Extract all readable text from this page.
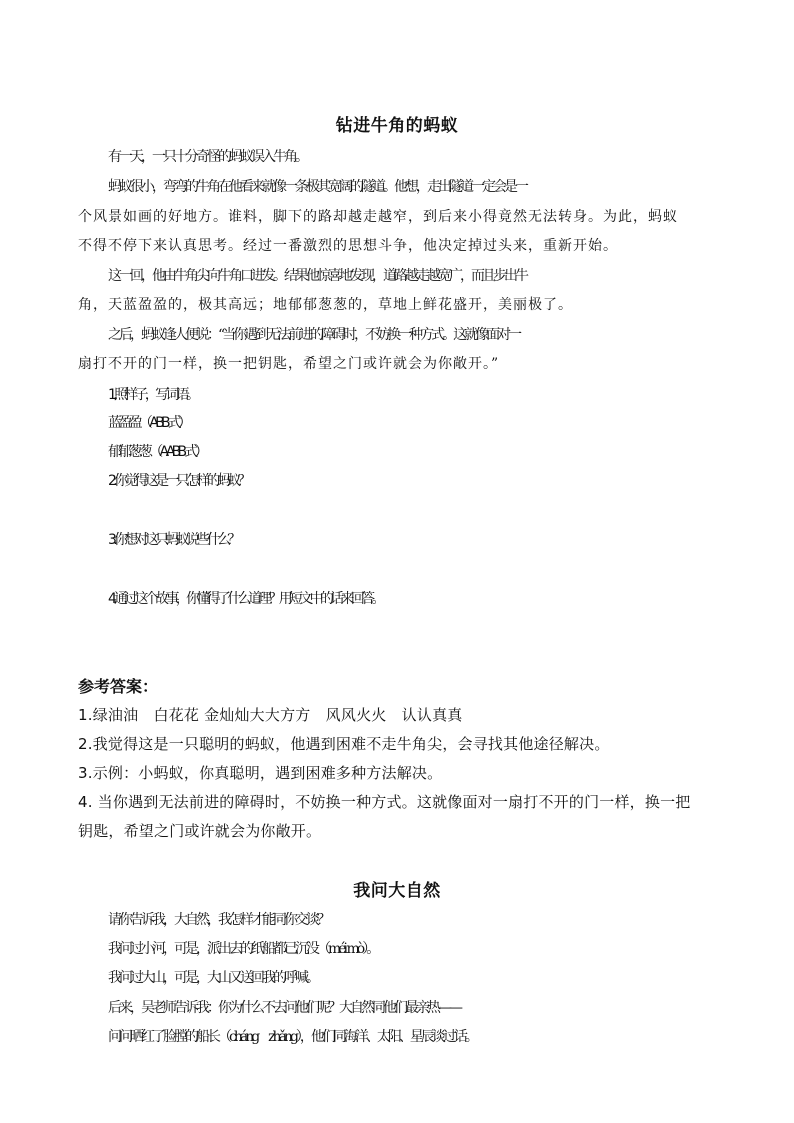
钻进牛角的蚂蚁
有一天，一只十分奇怪的蚂蚁误入牛角。
蚂蚁很小，弯弯的牛角在他看来就像一条极其宽阔的隧道。他想，走出隧道一定会是一
个风景如画的好地方。谁料，脚下的路却越走越窄，到后来小得竟然无法转身。为此，蚂蚁
不得不停下来认真思考。经过一番激烈的思想斗争，他决定掉过头来，重新开始。
这一回，他由牛角尖向牛角口进发。结果他惊喜地发现，道路越走越宽广，而且步出牛
角，天蓝盈盈的，极其高远；地郁郁葱葱的，草地上鲜花盛开，美丽极了。
之后，蚂蚁逢人便说：“当你遇到无法前进的障碍时，不妨换一种方式。这就像面对一
扇打不开的门一样，换一把钥匙，希望之门或许就会为你敞开。”
1.照样子，写词语。
蓝盈盈（ABB 式）
郁郁葱葱（AABB 式）
2.你觉得这是一只怎样的蚂蚁？
3.你想对这只蚂蚁说些什么？
4.通过这个故事，你懂得了什么道理？用短文中的话来回答。
参考答案：
1.绿油油　白花花 金灿灿大大方方　风风火火　认认真真
2.我觉得这是一只聪明的蚂蚁，他遇到困难不走牛角尖，会寻找其他途径解决。
3.示例：小蚂蚁，你真聪明，遇到困难多种方法解决。
4. 当你遇到无法前进的障碍时，不妨换一种方式。这就像面对一扇打不开的门一样，换一把
钥匙，希望之门或许就会为你敞开。
我问大自然
请你告诉我，大自然，我怎样才能同你交谈？
我问过小河，可是，派出去的纸船都已沉没（méi mò）。
我问过大山，可是，大山又送回我的呼喊。
后来，吴老师告诉我：你为什么不去问他们呢？大自然同他们最亲热——
问问晒红了脸膛的船长（cháng　zhǎng），他们同海洋、太阳、星辰谈过话。
